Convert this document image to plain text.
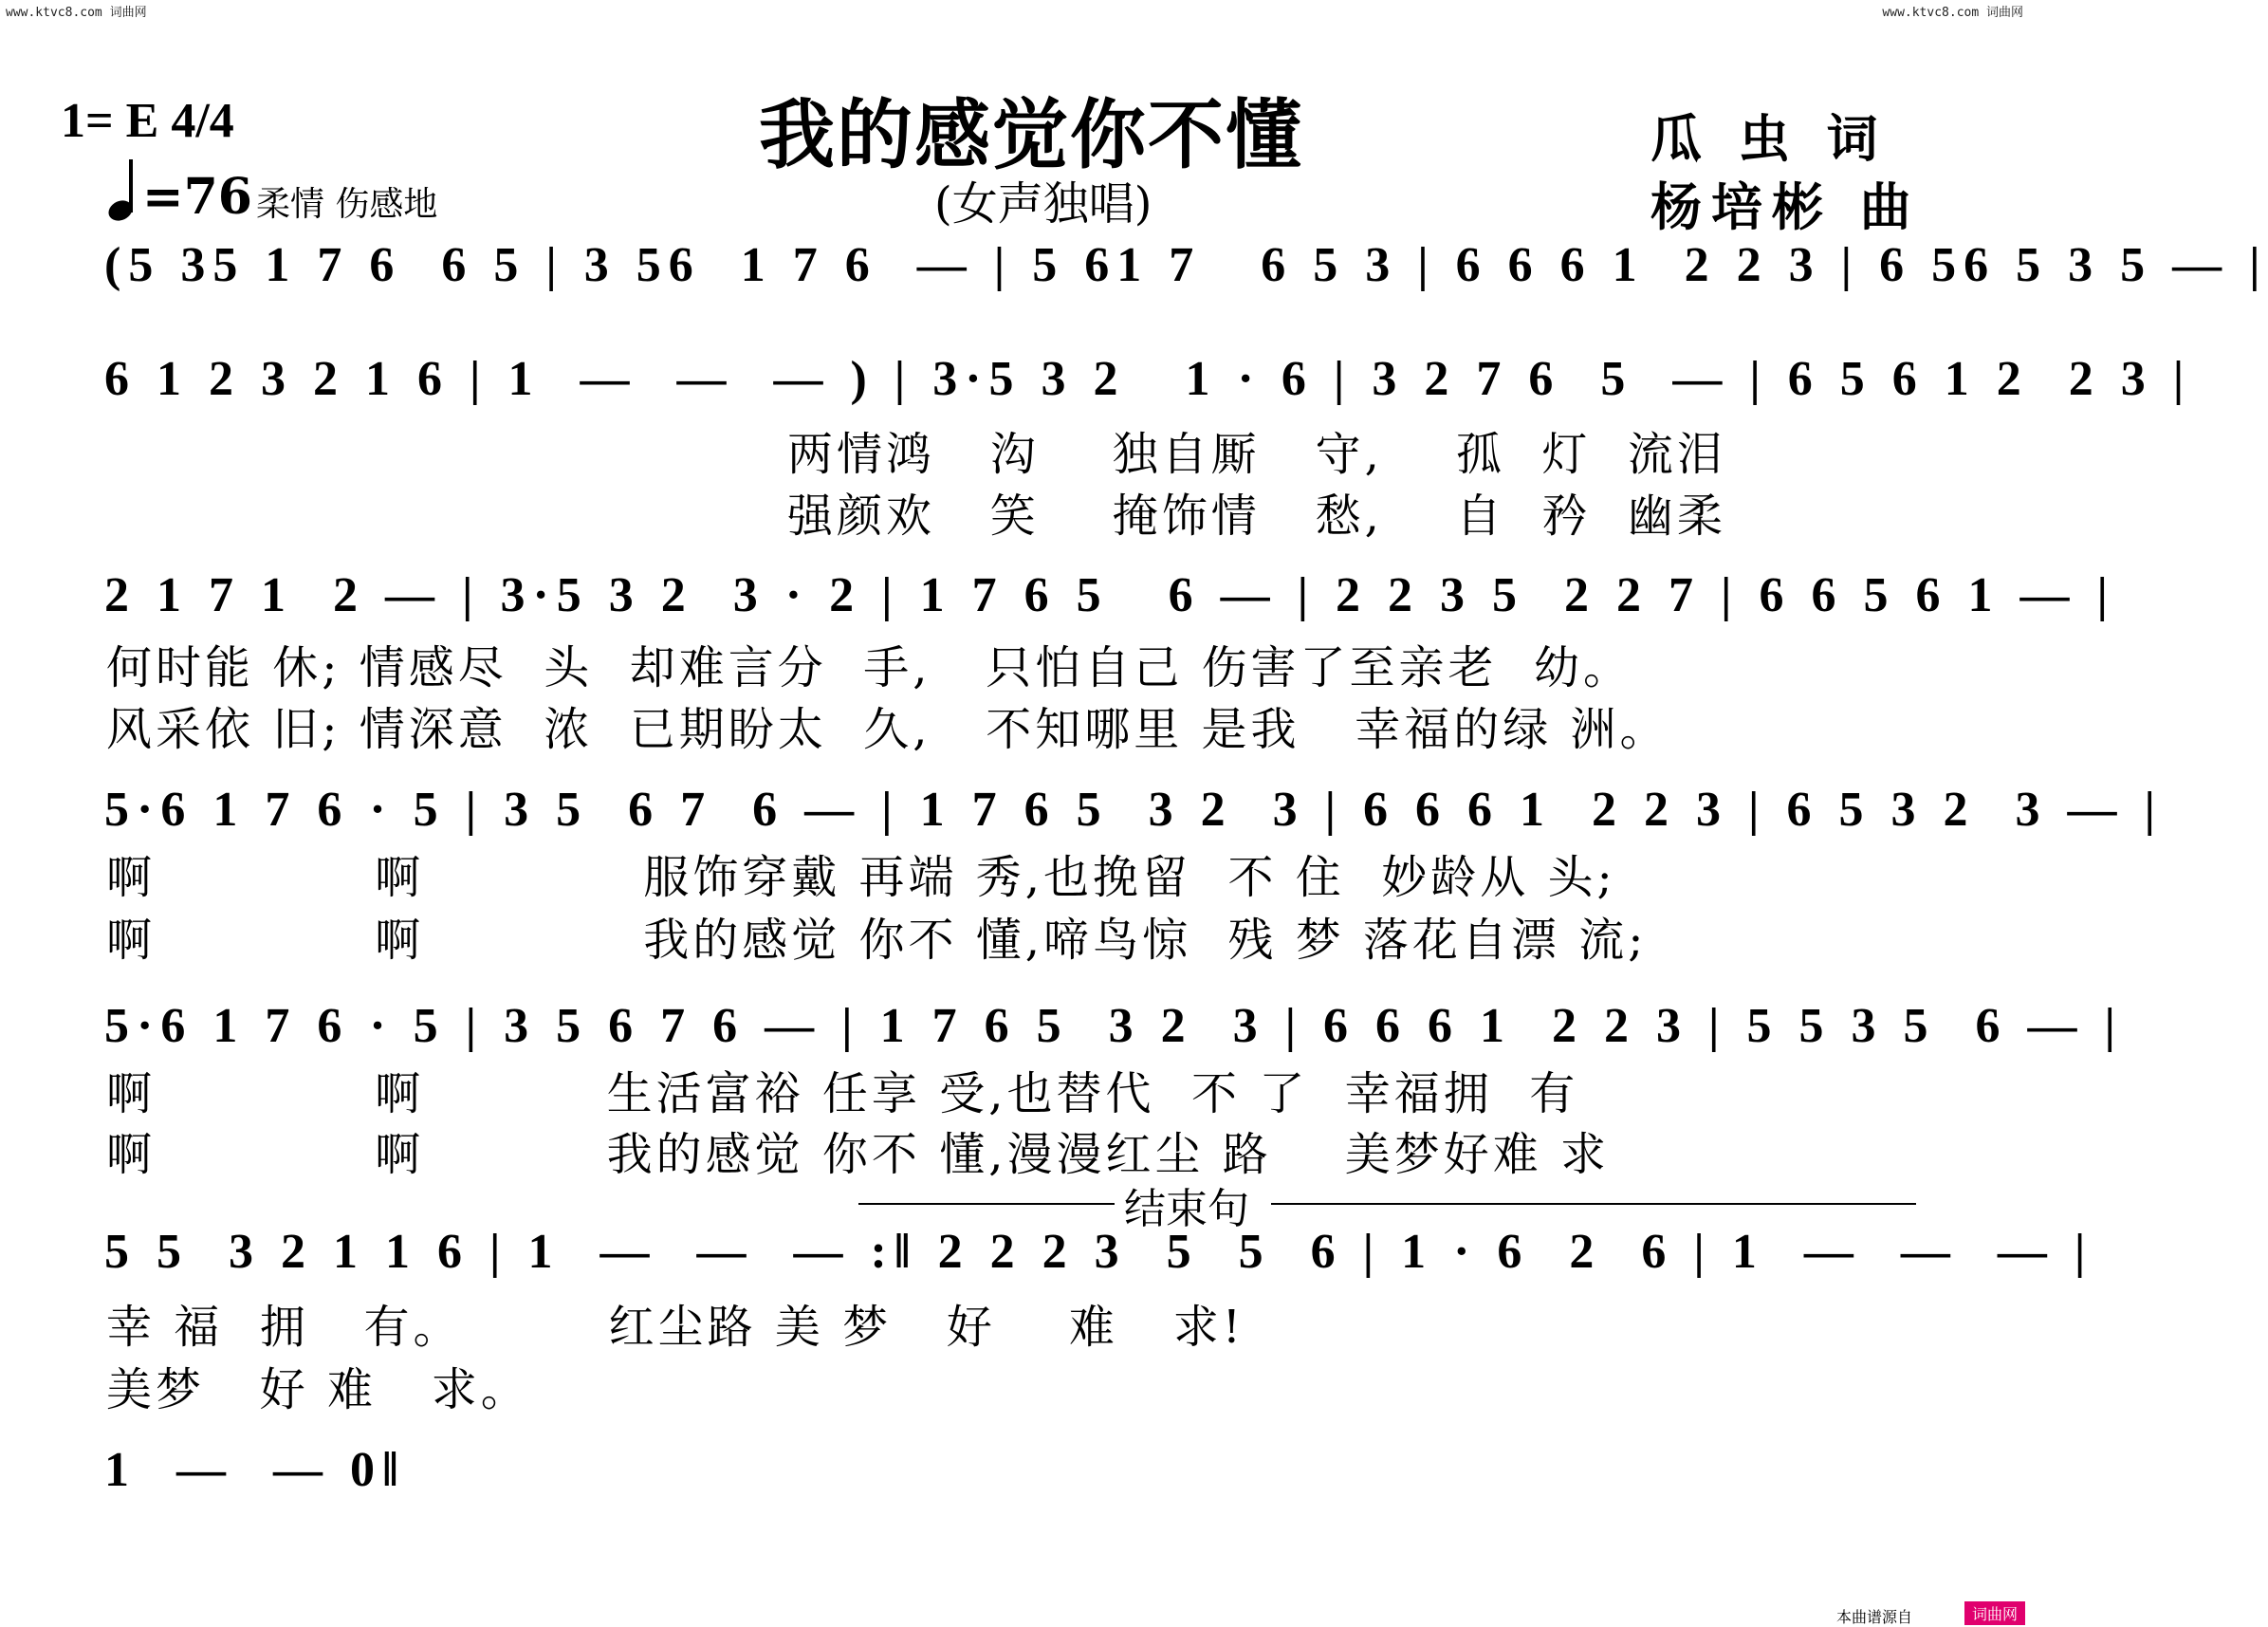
www.ktvc8.com 词曲网	www.ktvc8.com 词曲网
1= E 4/4
=76 柔情 伤感地
我的感觉你不懂
(女声独唱)
瓜 虫 词
杨培彬 曲
(5 35 1 7 6  6 5 | 3 56  1 7 6  — | 5 61 7   6 5 3 | 6 6 6 1  2 2 3 | 6 56 5 3 5 — |
6 1 2 3 2 1 6 | 1  —  —  — ) | 3·5 3 2   1 · 6 | 3 2 7 6  5  — | 6 5 6 1 2  2 3 |
两情鸿   沟    独自厮   守,    孤  灯  流泪
强颜欢   笑    掩饰情   愁,    自  矜  幽柔
2 1 7 1  2 — | 3·5 3 2  3 · 2 | 1 7 6 5   6 — | 2 2 3 5  2 2 7 | 6 6 5 6 1 — |
何时能 休; 情感尽  头  却难言分  手,   只怕自己 伤害了至亲老  幼。
风采依 旧; 情深意  浓  已期盼太  久,   不知哪里 是我   幸福的绿 洲。
5·6 1 7 6 · 5 | 3 5  6 7  6 — | 1 7 6 5  3 2  3 | 6 6 6 1  2 2 3 | 6 5 3 2  3 — |
啊            啊            服饰穿戴 再端 秀,也挽留  不 住  妙龄从 头;
啊            啊            我的感觉 你不 懂,啼鸟惊  残 梦 落花自漂 流;
5·6 1 7 6 · 5 | 3 5 6 7 6 — | 1 7 6 5  3 2  3 | 6 6 6 1  2 2 3 | 5 5 3 5  6 — |
啊            啊          生活富裕 任享 受,也替代  不 了  幸福拥  有
啊            啊          我的感觉 你不 懂,漫漫红尘 路    美梦好难 求
结束句
5 5  3 2 1 1 6 | 1  —  —  — :‖ 2 2 2 3  5  5  6 | 1 · 6  2  6 | 1  —  —  — |
幸 福  拥   有。        红尘路 美 梦   好    难   求!
美梦   好 难   求。
1  —  — 0‖
本曲谱源自	词曲网
